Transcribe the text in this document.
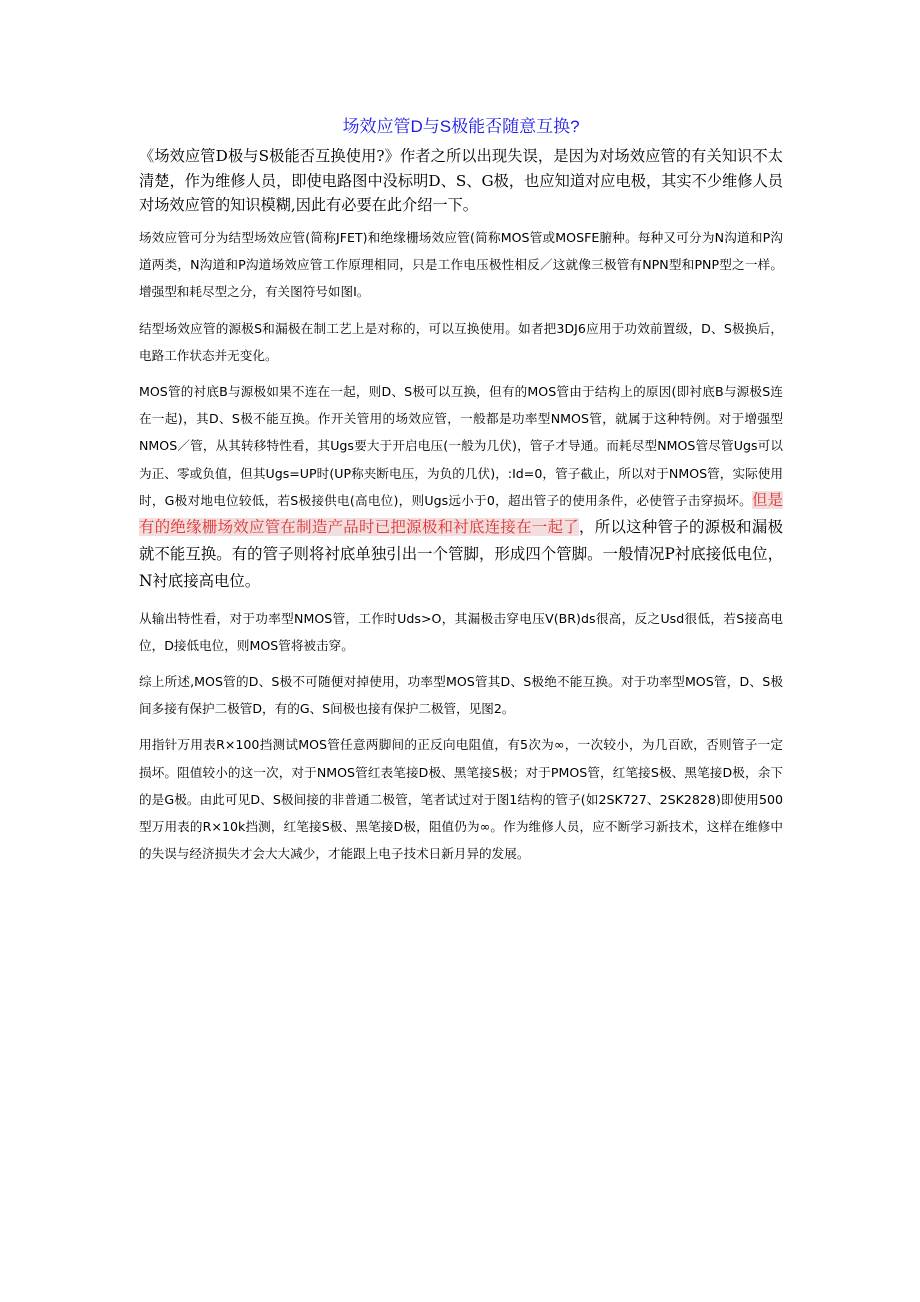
场效应管D与S极能否随意互换?
《场效应管D极与S极能否互换使用?》作者之所以出现失误，是因为对场效应管的有关知识不太清楚，作为维修人员，即使电路图中没标明D、S、G极，也应知道对应电极，其实不少维修人员对场效应管的知识模糊,因此有必要在此介绍一下。

场效应管可分为结型场效应管(简称JFET)和绝缘栅场效应管(简称MOS管或MOSFE腑种。每种又可分为N沟道和P沟道两类，N沟道和P沟道场效应管工作原理相同，只是工作电压极性相反／这就像三极管有NPN型和PNP型之一样。增强型和耗尽型之分，有关图符号如图I。

结型场效应管的源极S和漏极在制工艺上是对称的，可以互换使用。如者把3DJ6应用于功效前置级，D、S极换后，电路工作状态并无变化。

MOS管的衬底B与源极如果不连在一起，则D、S极可以互换，但有的MOS管由于结构上的原因(即衬底B与源极S连在一起)，其D、S极不能互换。作开关管用的场效应管，一般都是功率型NMOS管，就属于这种特例。对于增强型NMOS／管，从其转移特性看，其Ugs要大于开启电压(一般为几伏)，管子才导通。而耗尽型NMOS管尽管Ugs可以为正、零或负值，但其Ugs=UP时(UP称夹断电压，为负的几伏)，:Id=0，管子截止，所以对于NMOS管，实际使用时，G极对地电位较低，若S极接供电(高电位)，则Ugs远小于0，超出管子的使用条件，必使管子击穿损坏。但是有的绝缘栅场效应管在制造产品时已把源极和衬底连接在一起了，所以这种管子的源极和漏极就不能互换。有的管子则将衬底单独引出一个管脚，形成四个管脚。一般情况P衬底接低电位，N衬底接高电位。

从输出特性看，对于功率型NMOS管，工作时Uds>O，其漏极击穿电压V(BR)ds很高，反之Usd很低，若S接高电位，D接低电位，则MOS管将被击穿。

综上所述,MOS管的D、S极不可随便对掉使用，功率型MOS管其D、S极绝不能互换。对于功率型MOS管，D、S极间多接有保护二极管D，有的G、S间极也接有保护二极管，见图2。

用指针万用表R×100挡测试MOS管任意两脚间的正反向电阻值，有5次为∞，一次较小，为几百欧，否则管子一定损坏。阻值较小的这一次，对于NMOS管红表笔接D极、黑笔接S极；对于PMOS管，红笔接S极、黑笔接D极，余下的是G极。由此可见D、S极间接的非普通二极管，笔者试过对于图1结构的管子(如2SK727、2SK2828)即使用500型万用表的R×10k挡测，红笔接S极、黑笔接D极，阻值仍为∞。作为维修人员，应不断学习新技术，这样在维修中的失误与经济损失才会大大减少，才能跟上电子技术日新月异的发展。
